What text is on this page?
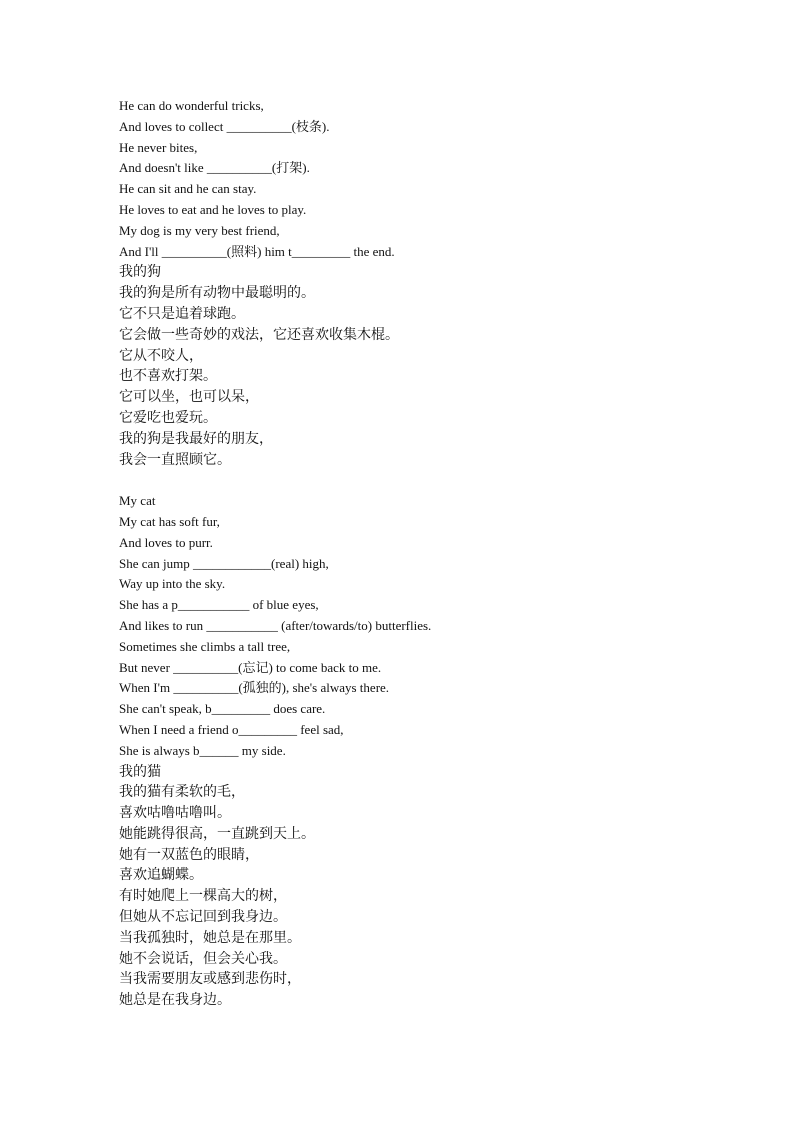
He can do wonderful tricks,
And loves to collect __________(枝条).
He never bites,
And doesn't like __________(打架).
He can sit and he can stay.
He loves to eat and he loves to play.
My dog is my very best friend,
And I'll __________(照料) him t_________ the end.
我的狗
我的狗是所有动物中最聪明的。
它不只是追着球跑。
它会做一些奇妙的戏法，它还喜欢收集木棍。
它从不咬人，
也不喜欢打架。
它可以坐，也可以呆，
它爱吃也爱玩。
我的狗是我最好的朋友，
我会一直照顾它。
My cat
My cat has soft fur,
And loves to purr.
She can jump ____________(real) high,
Way up into the sky.
She has a p___________ of blue eyes,
And likes to run ___________ (after/towards/to) butterflies.
Sometimes she climbs a tall tree,
But never __________(忘记) to come back to me.
When I'm __________(孤独的), she's always there.
She can't speak, b_________ does care.
When I need a friend o_________ feel sad,
She is always b______ my side.
我的猫
我的猫有柔软的毛，
喜欢咕噜咕噜叫。
她能跳得很高，一直跳到天上。
她有一双蓝色的眼睛，
喜欢追蝴蝶。
有时她爬上一棵高大的树，
但她从不忘记回到我身边。
当我孤独时，她总是在那里。
她不会说话，但会关心我。
当我需要朋友或感到悲伤时，
她总是在我身边。
